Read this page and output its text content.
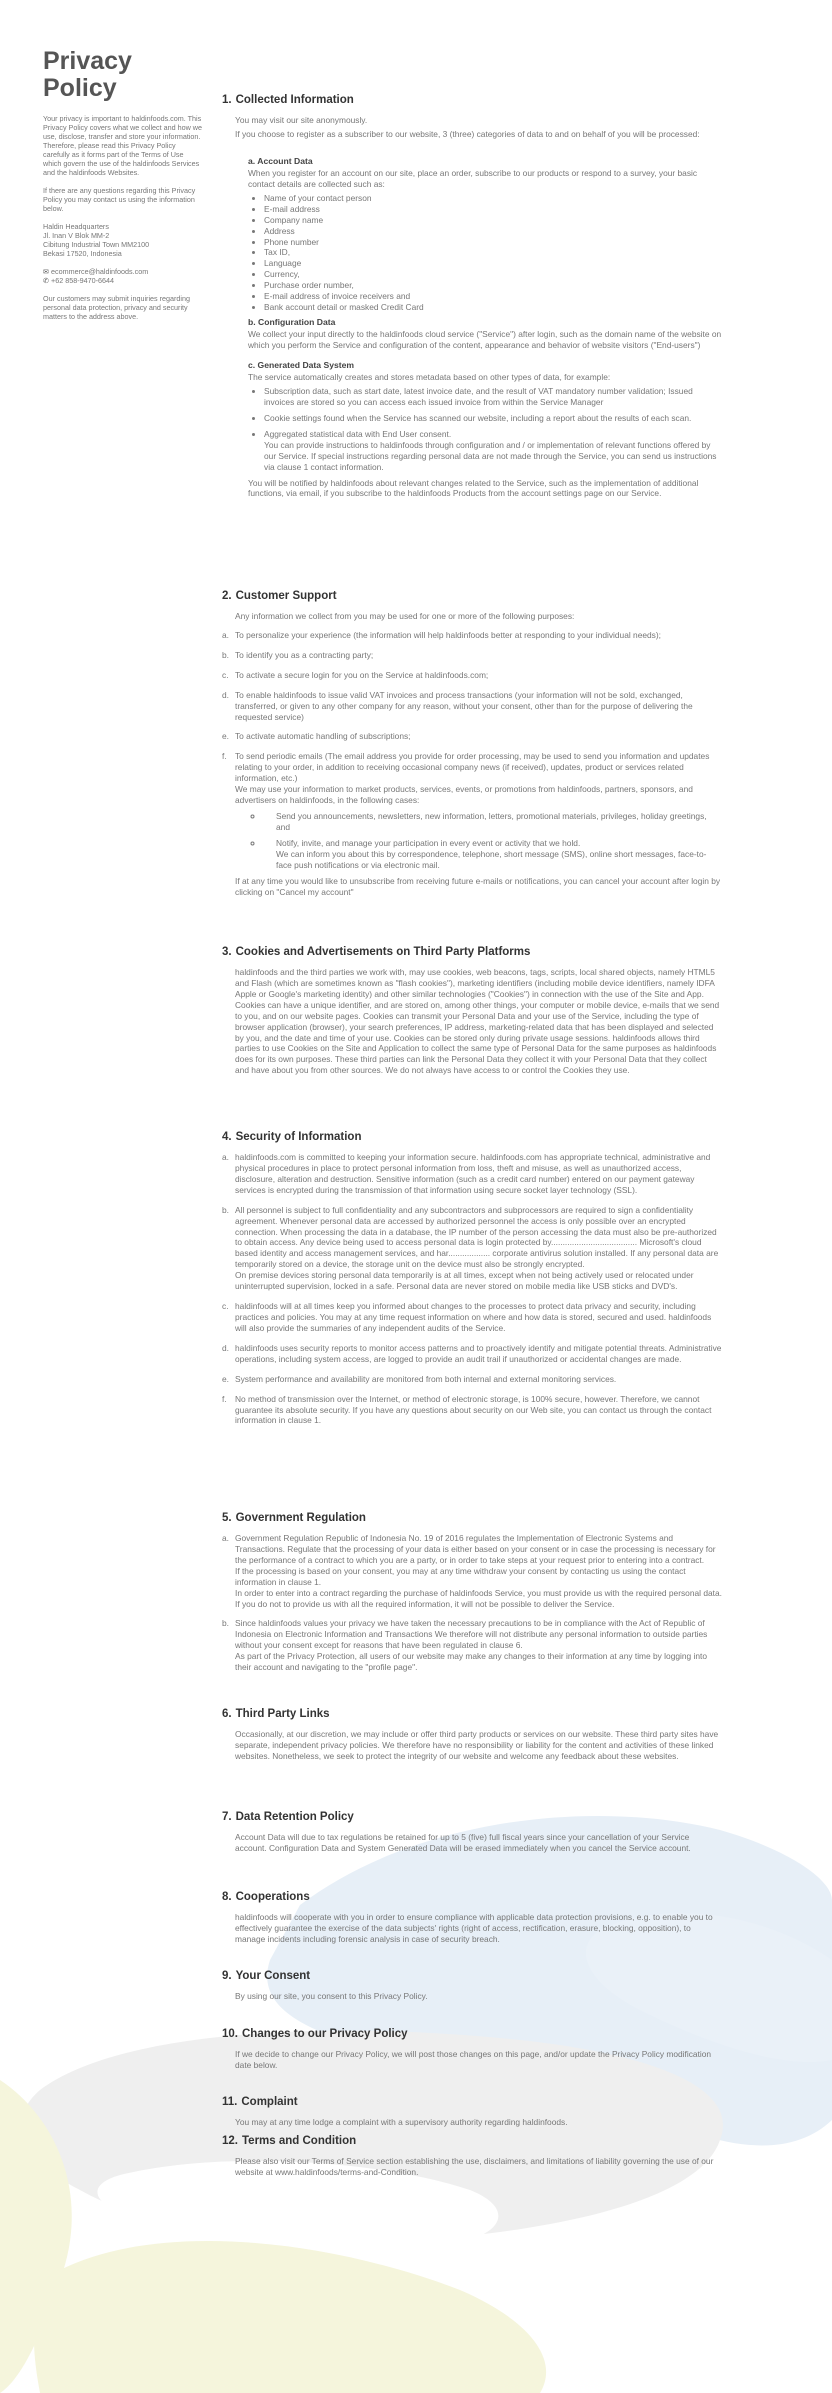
Privacy
Policy

Your privacy is important to haldinfoods.com. This Privacy Policy covers what we collect and how we use, disclose, transfer and store your information. Therefore, please read this Privacy Policy carefully as it forms part of the Terms of Use which govern the use of the haldinfoods Services and the haldinfoods Websites.

If there are any questions regarding this Privacy Policy you may contact us using the information below.

Haldin Headquarters
Jl. Inan V Blok MM-2
Cibitung Industrial Town MM2100
Bekasi 17520, Indonesia

✉ ecommerce@haldinfoods.com
✆ +62 858-9470-6644

Our customers may submit inquiries regarding personal data protection, privacy and security matters to the address above.

1. Collected Information

You may visit our site anonymously.

If you choose to register as a subscriber to our website, 3 (three) categories of data to and on behalf of you will be processed:

a. Account Data

When you register for an account on our site, place an order, subscribe to our products or respond to a survey, your basic contact details are collected such as:

• Name of your contact person
• E-mail address
• Company name
• Address
• Phone number
• Tax ID,
• Language
• Currency,
• Purchase order number,
• E-mail address of invoice receivers and
• Bank account detail or masked Credit Card
b. Configuration Data

We collect your input directly to the haldinfoods cloud service ("Service") after login, such as the domain name of the website on which you perform the Service and configuration of the content, appearance and behavior of website visitors ("End-users")

c. Generated Data System

The service automatically creates and stores metadata based on other types of data, for example:

• Subscription data, such as start date, latest invoice date, and the result of VAT mandatory number validation; Issued invoices are stored so you can access each issued invoice from within the Service Manager
• Cookie settings found when the Service has scanned our website, including a report about the results of each scan.
• Aggregated statistical data with End User consent.
You can provide instructions to haldinfoods through configuration and / or implementation of relevant functions offered by our Service. If special instructions regarding personal data are not made through the Service, you can send us instructions via clause 1 contact information.

You will be notified by haldinfoods about relevant changes related to the Service, such as the implementation of additional functions, via email, if you subscribe to the haldinfoods Products from the account settings page on our Service.

2. Customer Support

Any information we collect from you may be used for one or more of the following purposes:

a. To personalize your experience (the information will help haldinfoods better at responding to your individual needs);

b. To identify you as a contracting party;

c. To activate a secure login for you on the Service at haldinfoods.com;

d. To enable haldinfoods to issue valid VAT invoices and process transactions (your information will not be sold, exchanged, transferred, or given to any other company for any reason, without your consent, other than for the purpose of delivering the requested service)

e. To activate automatic handling of subscriptions;

f. To send periodic emails (The email address you provide for order processing, may be used to send you information and updates relating to your order, in addition to receiving occasional company news (if received), updates, product or services related information, etc.)

We may use your information to market products, services, events, or promotions from haldinfoods, partners, sponsors, and advertisers on haldinfoods, in the following cases:

◦ Send you announcements, newsletters, new information, letters, promotional materials, privileges, holiday greetings, and
◦ Notify, invite, and manage your participation in every event or activity that we hold.
We can inform you about this by correspondence, telephone, short message (SMS), online short messages, face-to-face push notifications or via electronic mail.

If at any time you would like to unsubscribe from receiving future e-mails or notifications, you can cancel your account after login by clicking on "Cancel my account"

3. Cookies and Advertisements on Third Party Platforms

haldinfoods and the third parties we work with, may use cookies, web beacons, tags, scripts, local shared objects, namely HTML5 and Flash (which are sometimes known as "flash cookies"), marketing identifiers (including mobile device identifiers, namely IDFA Apple or Google's marketing identity) and other similar technologies ("Cookies") in connection with the use of the Site and App. Cookies can have a unique identifier, and are stored on, among other things, your computer or mobile device, e-mails that we send to you, and on our website pages. Cookies can transmit your Personal Data and your use of the Service, including the type of browser application (browser), your search preferences, IP address, marketing-related data that has been displayed and selected by you, and the date and time of your use. Cookies can be stored only during private usage sessions. haldinfoods allows third parties to use Cookies on the Site and Application to collect the same type of Personal Data for the same purposes as haldinfoods does for its own purposes. These third parties can link the Personal Data they collect it with your Personal Data that they collect and have about you from other sources. We do not always have access to or control the Cookies they use.

4. Security of Information
a. haldinfoods.com is committed to keeping your information secure. haldinfoods.com has appropriate technical, administrative and physical procedures in place to protect personal information from loss, theft and misuse, as well as unauthorized access, disclosure, alteration and destruction. Sensitive information (such as a credit card number) entered on our payment gateway services is encrypted during the transmission of that information using secure socket layer technology (SSL).

b. All personnel is subject to full confidentiality and any subcontractors and subprocessors are required to sign a confidentiality agreement. Whenever personal data are accessed by authorized personnel the access is only possible over an encrypted connection. When processing the data in a database, the IP number of the person accessing the data must also be pre-authorized to obtain access. Any device being used to access personal data is login protected by..................................... Microsoft's cloud based identity and access management services, and har.................. corporate antivirus solution installed. If any personal data are temporarily stored on a device, the storage unit on the device must also be strongly encrypted.
On premise devices storing personal data temporarily is at all times, except when not being actively used or relocated under uninterrupted supervision, locked in a safe. Personal data are never stored on mobile media like USB sticks and DVD's.

c. haldinfoods will at all times keep you informed about changes to the processes to protect data privacy and security, including practices and policies. You may at any time request information on where and how data is stored, secured and used. haldinfoods will also provide the summaries of any independent audits of the Service.

d. haldinfoods uses security reports to monitor access patterns and to proactively identify and mitigate potential threats. Administrative operations, including system access, are logged to provide an audit trail if unauthorized or accidental changes are made.

e. System performance and availability are monitored from both internal and external monitoring services.

f. No method of transmission over the Internet, or method of electronic storage, is 100% secure, however. Therefore, we cannot guarantee its absolute security. If you have any questions about security on our Web site, you can contact us through the contact information in clause 1.

5. Government Regulation
a. Government Regulation Republic of Indonesia No. 19 of 2016 regulates the Implementation of Electronic Systems and Transactions. Regulate that the processing of your data is either based on your consent or in case the processing is necessary for the performance of a contract to which you are a party, or in order to take steps at your request prior to entering into a contract.
If the processing is based on your consent, you may at any time withdraw your consent by contacting us using the contact information in clause 1.
In order to enter into a contract regarding the purchase of haldinfoods Service, you must provide us with the required personal data. If you do not to provide us with all the required information, it will not be possible to deliver the Service.

b. Since haldinfoods values your privacy we have taken the necessary precautions to be in compliance with the Act of Republic of Indonesia on Electronic Information and Transactions We therefore will not distribute any personal information to outside parties without your consent except for reasons that have been regulated in clause 6.
As part of the Privacy Protection, all users of our website may make any changes to their information at any time by logging into their account and navigating to the "profile page".

6. Third Party Links

Occasionally, at our discretion, we may include or offer third party products or services on our website. These third party sites have separate, independent privacy policies. We therefore have no responsibility or liability for the content and activities of these linked websites. Nonetheless, we seek to protect the integrity of our website and welcome any feedback about these websites.

7. Data Retention Policy

Account Data will due to tax regulations be retained for up to 5 (five) full fiscal years since your cancellation of your Service account. Configuration Data and System Generated Data will be erased immediately when you cancel the Service account.

8. Cooperations

haldinfoods will cooperate with you in order to ensure compliance with applicable data protection provisions, e.g. to enable you to effectively guarantee the exercise of the data subjects' rights (right of access, rectification, erasure, blocking, opposition), to manage incidents including forensic analysis in case of security breach.

9. Your Consent

By using our site, you consent to this Privacy Policy.

10. Changes to our Privacy Policy

If we decide to change our Privacy Policy, we will post those changes on this page, and/or update the Privacy Policy modification date below.

11. Complaint

You may at any time lodge a complaint with a supervisory authority regarding haldinfoods.

12. Terms and Condition

Please also visit our Terms of Service section establishing the use, disclaimers, and limitations of liability governing the use of our website at www.haldinfoods/terms-and-Condition.
